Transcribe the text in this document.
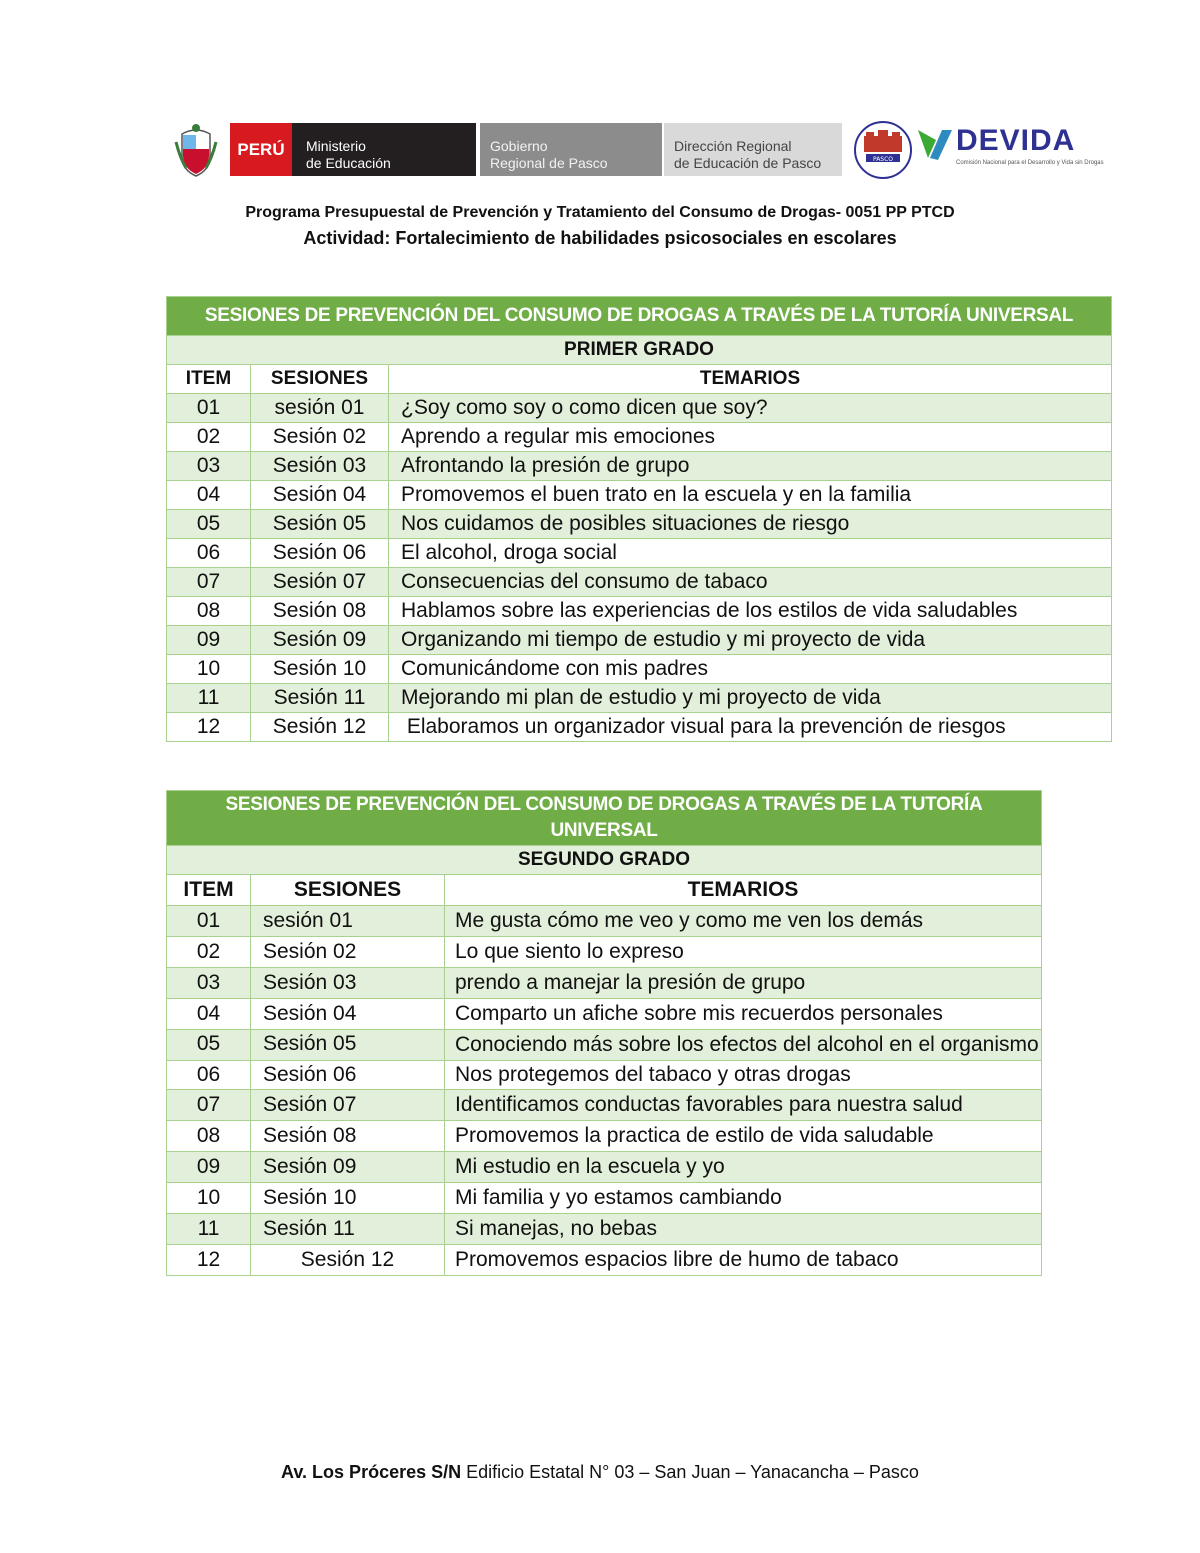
PERÚ Ministerio
de Educación
Gobierno
Regional de Pasco
Dirección Regional
de Educación de Pasco	PASCO
DEVIDA
Comisión Nacional para el Desarrollo y Vida sin Drogas
Programa Presupuestal de Prevención y Tratamiento del Consumo de Drogas- 0051 PP PTCD
Actividad: Fortalecimiento de habilidades psicosociales en escolares
SESIONES DE PREVENCIÓN DEL CONSUMO DE DROGAS A TRAVÉS DE LA TUTORÍA UNIVERSAL		
PRIMER GRADO		
ITEM	SESIONES	TEMARIOS
01	sesión 01	¿Soy como soy o como dicen que soy?
02	Sesión 02	Aprendo a regular mis emociones
03	Sesión 03	Afrontando la presión de grupo
04	Sesión 04	Promovemos el buen trato en la escuela y en la familia
05	Sesión 05	Nos cuidamos de posibles situaciones de riesgo
06	Sesión 06	El alcohol, droga social
07	Sesión 07	Consecuencias del consumo de tabaco
08	Sesión 08	Hablamos sobre las experiencias de los estilos de vida saludables
09	Sesión 09	Organizando mi tiempo de estudio y mi proyecto de vida
10	Sesión 10	Comunicándome con mis padres
11	Sesión 11	Mejorando mi plan de estudio y mi proyecto de vida
12	Sesión 12	Elaboramos un organizador visual para la prevención de riesgos
SESIONES DE PREVENCIÓN DEL CONSUMO DE DROGAS A TRAVÉS DE LA TUTORÍA
UNIVERSAL		

SEGUNDO GRADO		
ITEM	SESIONES	TEMARIOS
01	sesión 01	Me gusta cómo me veo y como me ven los demás
02	Sesión 02	Lo que siento lo expreso
03	Sesión 03	prendo a manejar la presión de grupo
04	Sesión 04	Comparto un afiche sobre mis recuerdos personales
05	Sesión 05	Conociendo más sobre los efectos del alcohol en el organismo
06	Sesión 06	Nos protegemos del tabaco y otras drogas
07	Sesión 07	Identificamos conductas favorables para nuestra salud
08	Sesión 08	Promovemos la practica de estilo de vida saludable
09	Sesión 09	Mi estudio en la escuela y yo
10	Sesión 10	Mi familia y yo estamos cambiando
11	Sesión 11	Si manejas, no bebas
12	Sesión 12	Promovemos espacios libre de humo de tabaco
Av. Los Próceres S/N Edificio Estatal N° 03 – San Juan – Yanacancha – Pasco
